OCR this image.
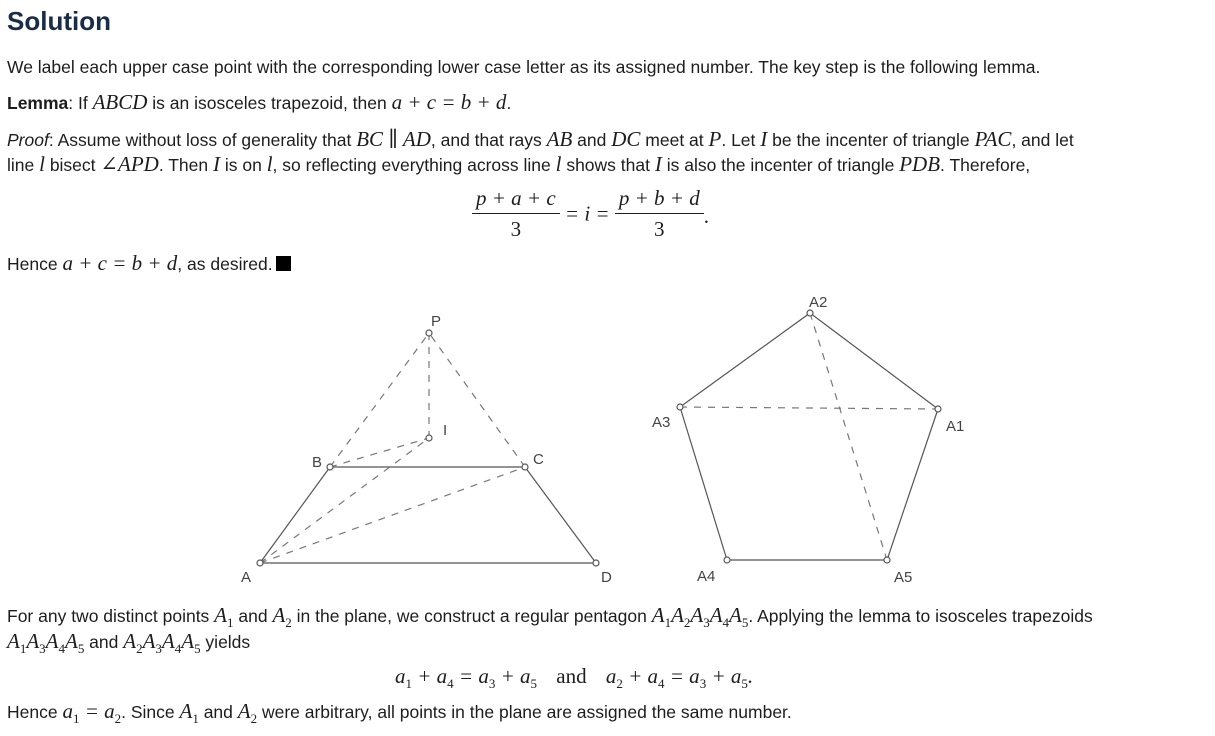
Solution
We label each upper case point with the corresponding lower case letter as its assigned number. The key step is the following lemma.
Lemma: If ABCD is an isosceles trapezoid, then a + c = b + d.
Proof: Assume without loss of generality that BC ∥ AD, and that rays AB and DC meet at P. Let I be the incenter of triangle PAC, and let
line l bisect ∠APD. Then I is on l, so reflecting everything across line l shows that I is also the incenter of triangle PDB. Therefore,
$\frac{p + a + c}{3} = i = \frac{p + b + d}{3}$ .
Hence a + c = b + d, as desired.
P
B	C
I
A	D
A2
A3	A1
A4	A5
For any two distinct points $A_1$ and $A_2$ in the plane, we construct a regular pentagon $A_1A_2A_3A_4A_5$. Applying the lemma to isosceles trapezoids
$A_1A_3A_4A_5$ and $A_2A_3A_4A_5$ yields
$a_1 + a_4 = a_3 + a_5$ and $a_2 + a_4 = a_3 + a_5$.
Hence $a_1 = a_2$. Since $A_1$ and $A_2$ were arbitrary, all points in the plane are assigned the same number.
